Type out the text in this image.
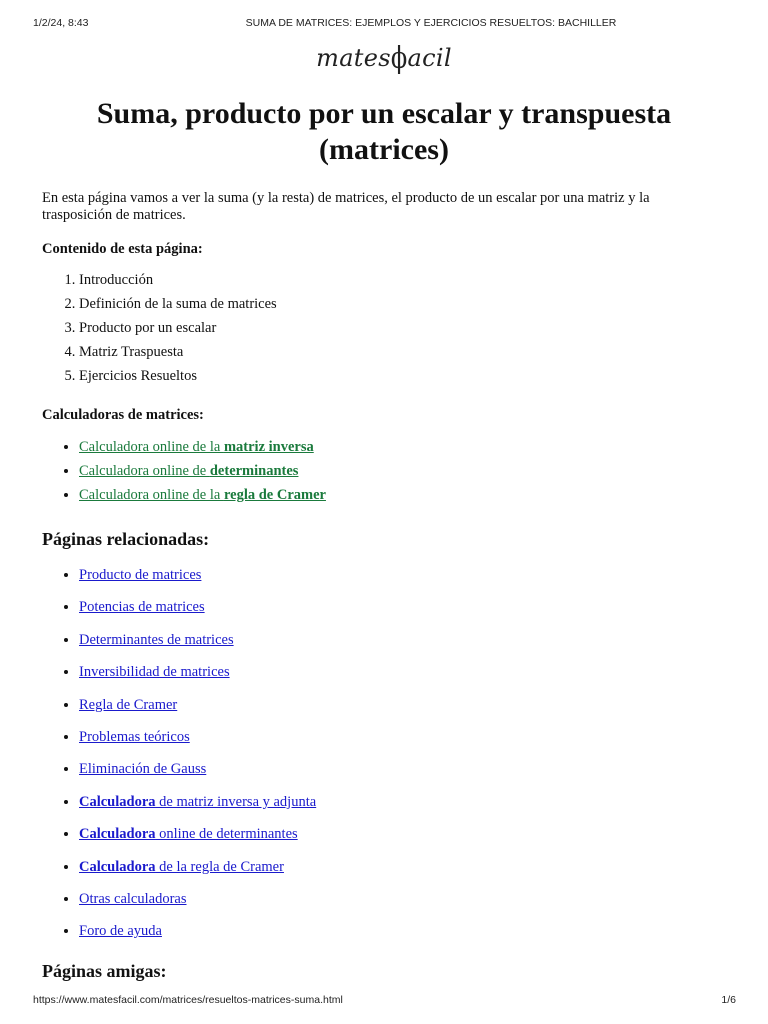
1/2/24, 8:43	SUMA DE MATRICES: EJEMPLOS Y EJERCICIOS RESUELTOS: BACHILLER
matesϕacil
Suma, producto por un escalar y transpuesta (matrices)

En esta página vamos a ver la suma (y la resta) de matrices, el producto de un escalar por una matriz y la trasposición de matrices.

Contenido de esta página:

1. Introducción
2. Definición de la suma de matrices
3. Producto por un escalar
4. Matriz Traspuesta
5. Ejercicios Resueltos

Calculadoras de matrices:

• Calculadora online de la matriz inversa
• Calculadora online de determinantes
• Calculadora online de la regla de Cramer

Páginas relacionadas:

• Producto de matrices
• Potencias de matrices
• Determinantes de matrices
• Inversibilidad de matrices
• Regla de Cramer
• Problemas teóricos
• Eliminación de Gauss
• Calculadora de matriz inversa y adjunta
• Calculadora online de determinantes
• Calculadora de la regla de Cramer
• Otras calculadoras
• Foro de ayuda

Páginas amigas:

https://www.matesfacil.com/matrices/resueltos-matrices-suma.html	1/6
